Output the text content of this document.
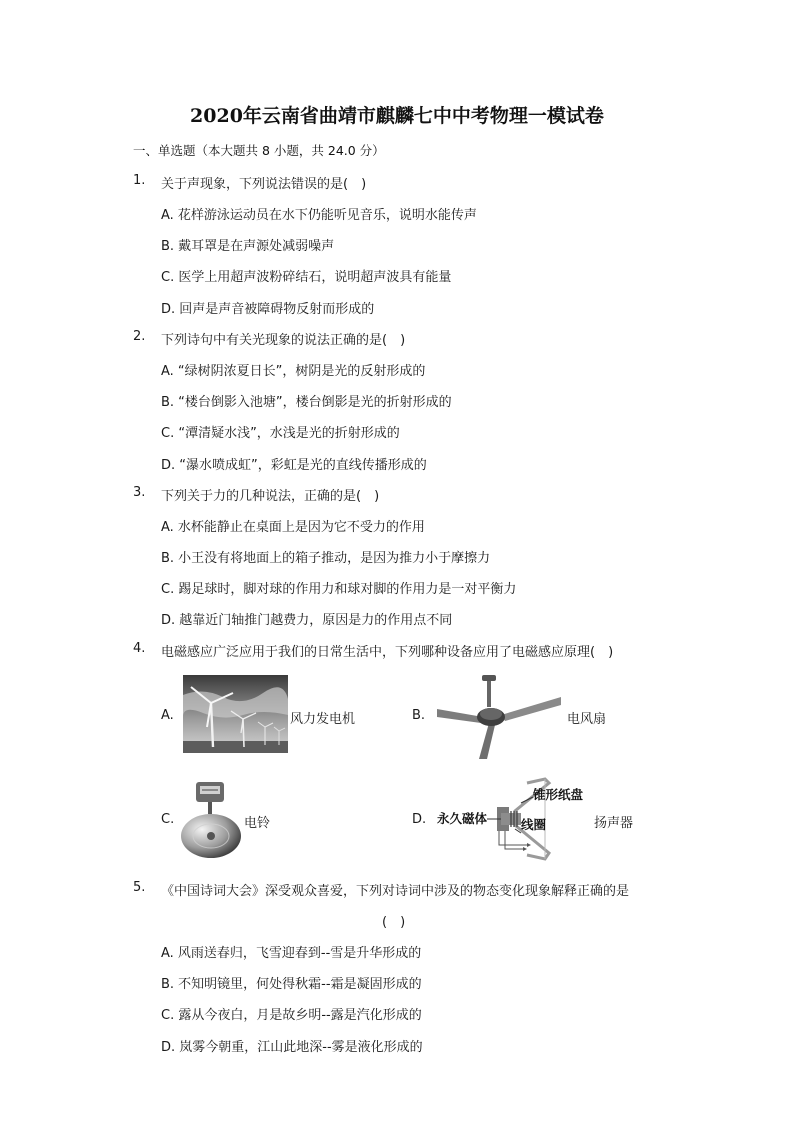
2020年云南省曲靖市麒麟七中中考物理一模试卷
一、单选题（本大题共 8 小题，共 24.0 分）
1. 关于声现象，下列说法错误的是(　)
A. 花样游泳运动员在水下仍能听见音乐，说明水能传声
B. 戴耳罩是在声源处减弱噪声
C. 医学上用超声波粉碎结石，说明超声波具有能量
D. 回声是声音被障碍物反射而形成的
2. 下列诗句中有关光现象的说法正确的是(　)
A. “绿树阴浓夏日长”，树阴是光的反射形成的
B. “楼台倒影入池塘”，楼台倒影是光的折射形成的
C. “潭清疑水浅”，水浅是光的折射形成的
D. “瀑水喷成虹”，彩虹是光的直线传播形成的
3. 下列关于力的几种说法，正确的是(　)
A. 水杯能静止在桌面上是因为它不受力的作用
B. 小王没有将地面上的箱子推动，是因为推力小于摩擦力
C. 踢足球时，脚对球的作用力和球对脚的作用力是一对平衡力
D. 越靠近门轴推门越费力，原因是力的作用点不同
4. 电磁感应广泛应用于我们的日常生活中，下列哪种设备应用了电磁感应原理(　)
A.	风力发电机	B.	电风扇
C.	电铃	D. 永久磁体
锥形纸盘
线圈	扬声器
5. 《中国诗词大会》深受观众喜爱，下列对诗词中涉及的物态变化现象解释正确的是
(　)
A. 风雨送春归，飞雪迎春到--雪是升华形成的
B. 不知明镜里，何处得秋霜--霜是凝固形成的
C. 露从今夜白，月是故乡明--露是汽化形成的
D. 岚雾今朝重，江山此地深--雾是液化形成的
